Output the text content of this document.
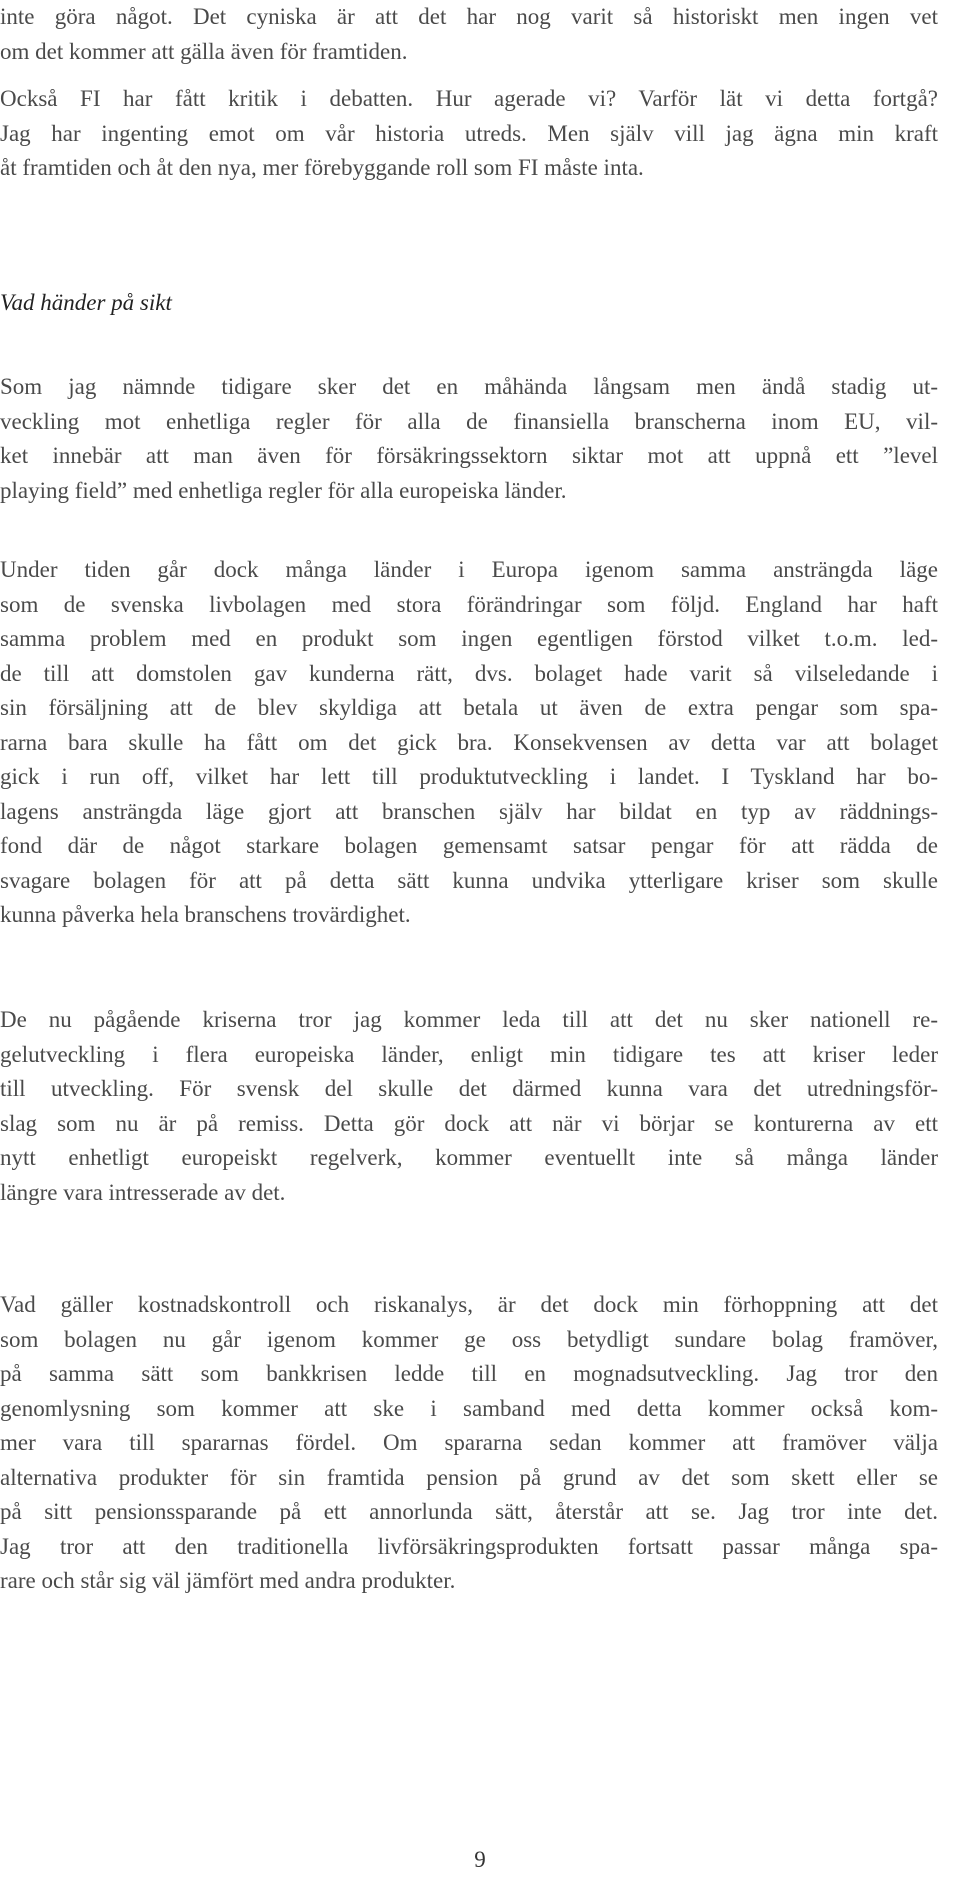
inte göra något. Det cyniska är att det har nog varit så historiskt men ingen vet
om det kommer att gälla även för framtiden.
Också FI har fått kritik i debatten. Hur agerade vi? Varför lät vi detta fortgå?
Jag har ingenting emot om vår historia utreds. Men själv vill jag ägna min kraft
åt framtiden och åt den nya, mer förebyggande roll som FI måste inta.
Vad händer på sikt
Som jag nämnde tidigare sker det en måhända långsam men ändå stadig ut-
veckling mot enhetliga regler för alla de finansiella branscherna inom EU, vil-
ket innebär att man även för försäkringssektorn siktar mot att uppnå ett ”level
playing field” med enhetliga regler för alla europeiska länder.
Under tiden går dock många länder i Europa igenom samma ansträngda läge
som de svenska livbolagen med stora förändringar som följd. England har haft
samma problem med en produkt som ingen egentligen förstod vilket t.o.m. led-
de till att domstolen gav kunderna rätt, dvs. bolaget hade varit så vilseledande i
sin försäljning att de blev skyldiga att betala ut även de extra pengar som spa-
rarna bara skulle ha fått om det gick bra. Konsekvensen av detta var att bolaget
gick i run off, vilket har lett till produktutveckling i landet. I Tyskland har bo-
lagens ansträngda läge gjort att branschen själv har bildat en typ av räddnings-
fond där de något starkare bolagen gemensamt satsar pengar för att rädda de
svagare bolagen för att på detta sätt kunna undvika ytterligare kriser som skulle
kunna påverka hela branschens trovärdighet.
De nu pågående kriserna tror jag kommer leda till att det nu sker nationell re-
gelutveckling i flera europeiska länder, enligt min tidigare tes att kriser leder
till utveckling. För svensk del skulle det därmed kunna vara det utredningsför-
slag som nu är på remiss. Detta gör dock att när vi börjar se konturerna av ett
nytt enhetligt europeiskt regelverk, kommer eventuellt inte så många länder
längre vara intresserade av det.
Vad gäller kostnadskontroll och riskanalys, är det dock min förhoppning att det
som bolagen nu går igenom kommer ge oss betydligt sundare bolag framöver,
på samma sätt som bankkrisen ledde till en mognadsutveckling. Jag tror den
genomlysning som kommer att ske i samband med detta kommer också kom-
mer vara till spararnas fördel. Om spararna sedan kommer att framöver välja
alternativa produkter för sin framtida pension på grund av det som skett eller se
på sitt pensionssparande på ett annorlunda sätt, återstår att se. Jag tror inte det.
Jag tror att den traditionella livförsäkringsprodukten fortsatt passar många spa-
rare och står sig väl jämfört med andra produkter.
9
